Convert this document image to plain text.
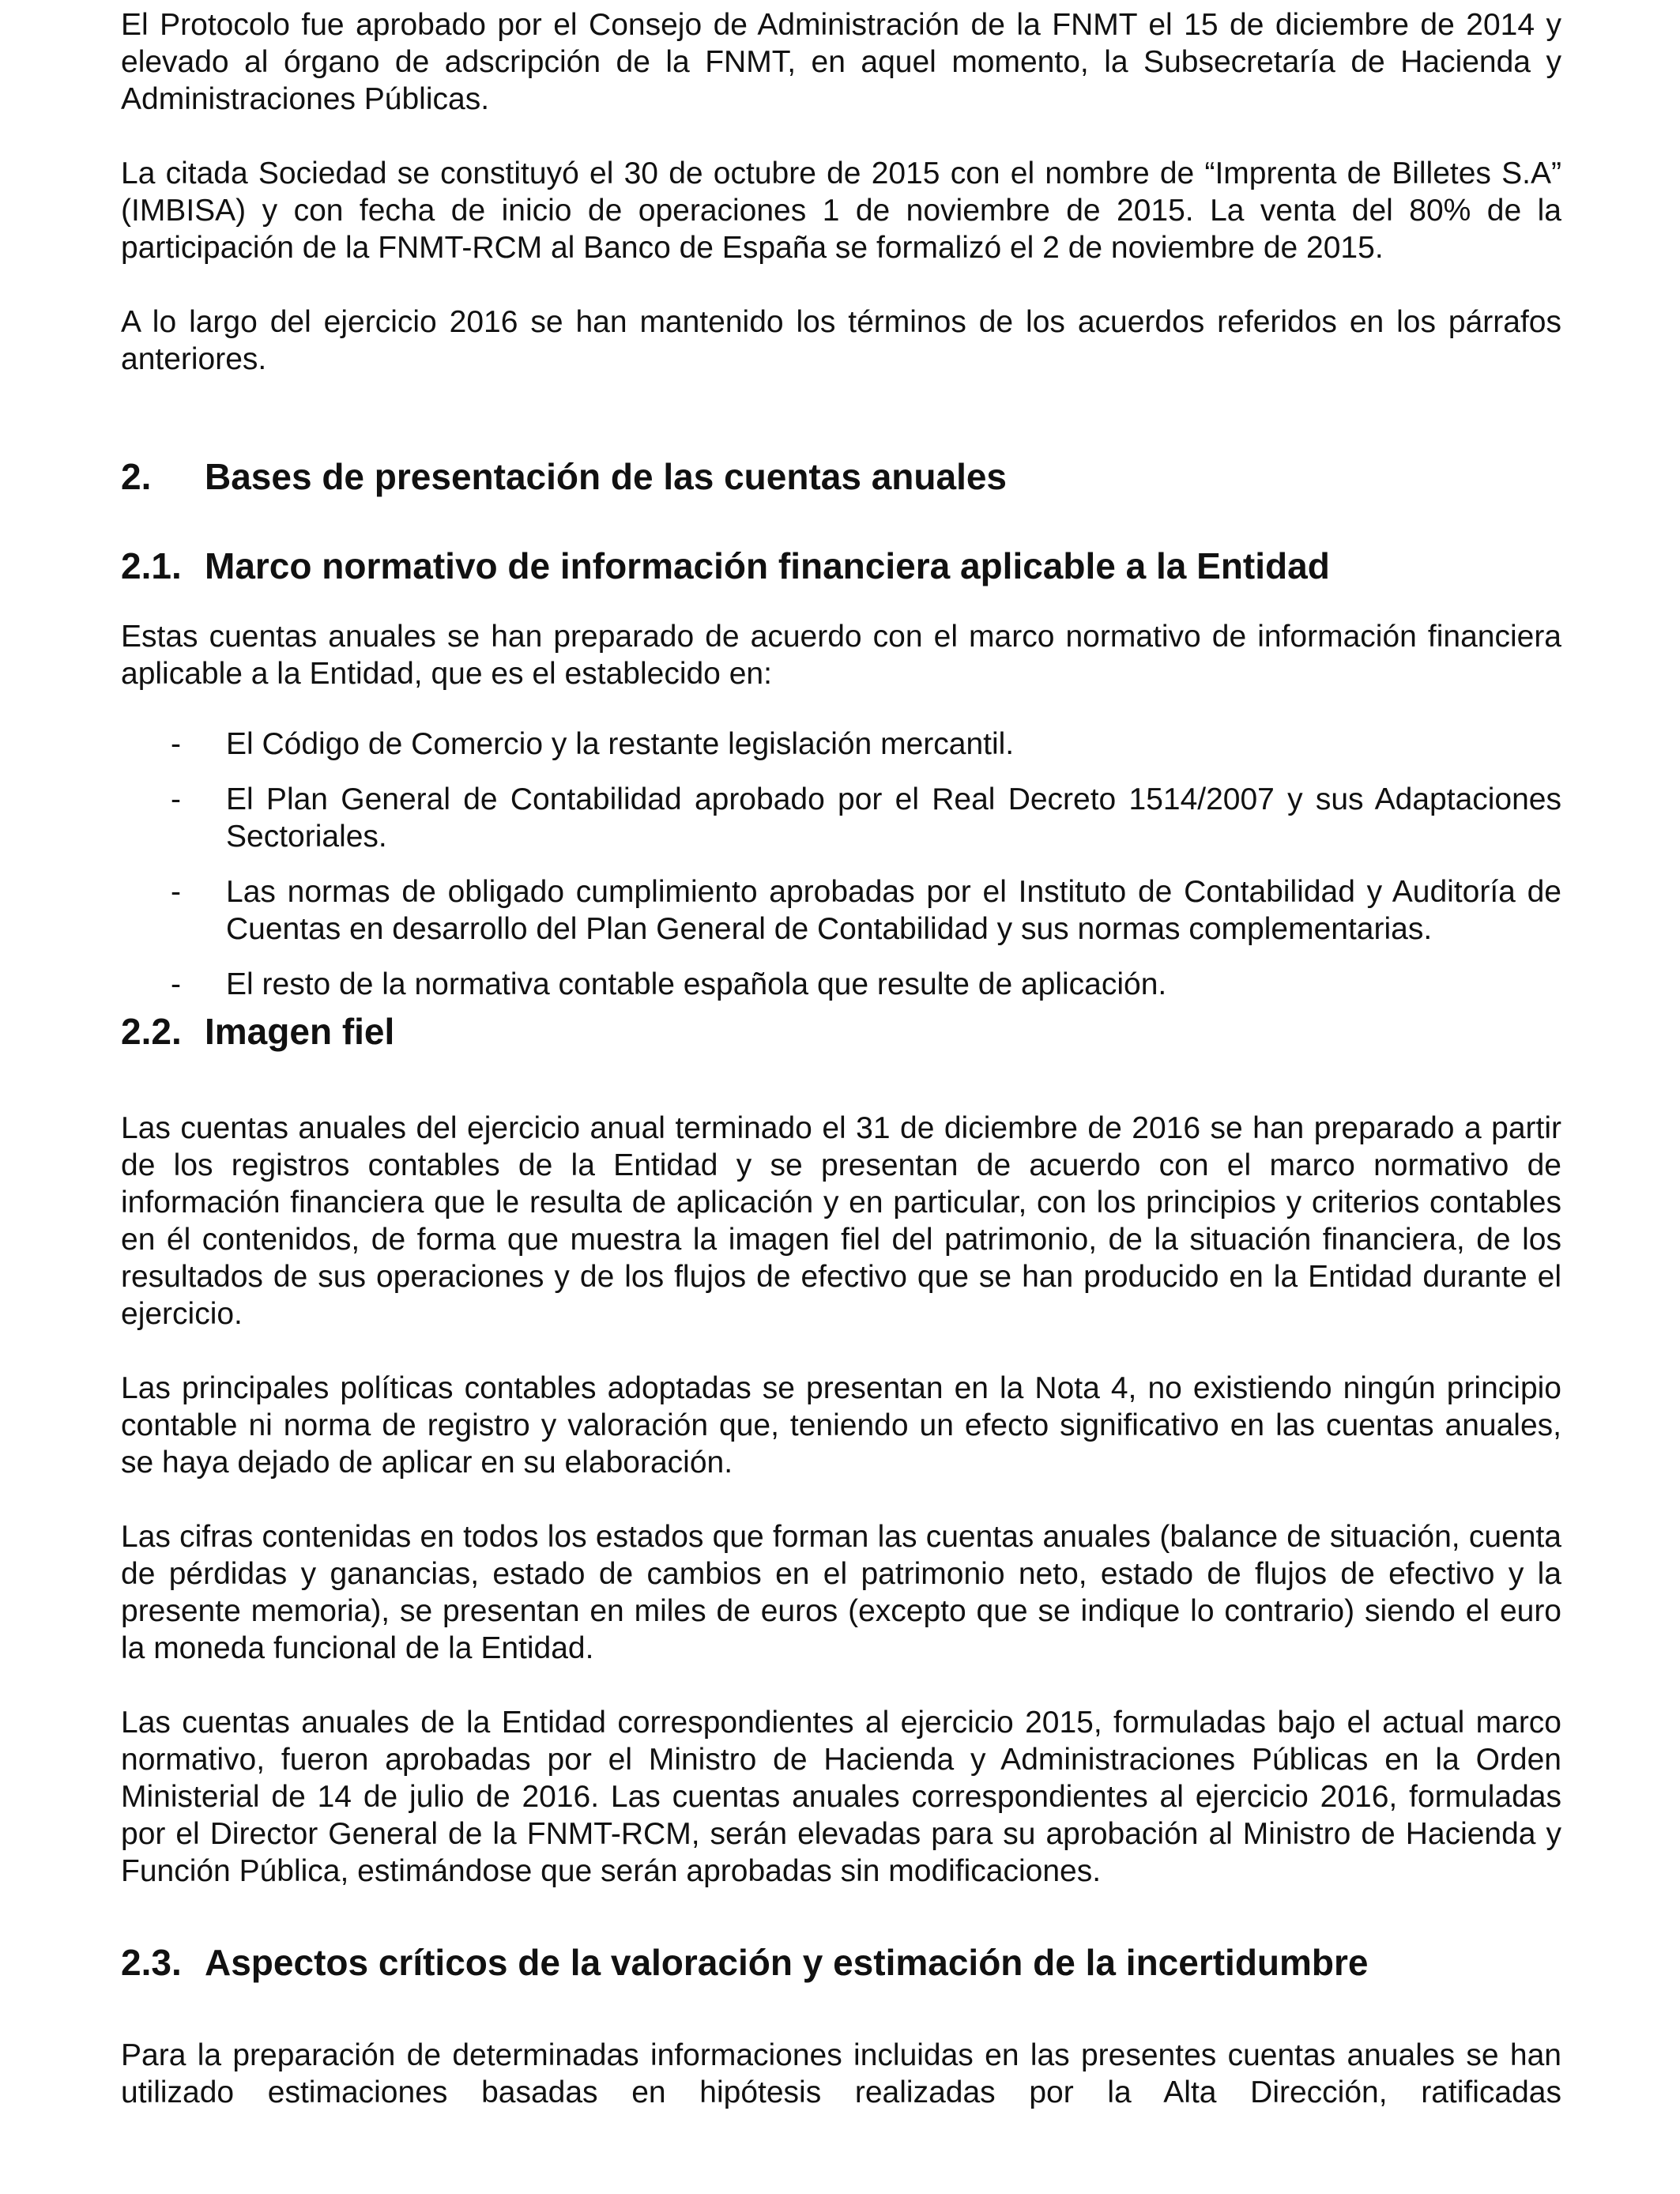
El Protocolo fue aprobado por el Consejo de Administración de la FNMT el 15 de diciembre de 2014 y elevado al órgano de adscripción de la FNMT, en aquel momento, la Subsecretaría de Hacienda y Administraciones Públicas.

La citada Sociedad se constituyó el 30 de octubre de 2015 con el nombre de “Imprenta de Billetes S.A” (IMBISA) y con fecha de inicio de operaciones 1 de noviembre de 2015. La venta del 80% de la participación de la FNMT-RCM al Banco de España se formalizó el 2 de noviembre de 2015.

A lo largo del ejercicio 2016 se han mantenido los términos de los acuerdos referidos en los párrafos anteriores.

2.	Bases de presentación de las cuentas anuales
2.1. Marco normativo de información financiera aplicable a la Entidad

Estas cuentas anuales se han preparado de acuerdo con el marco normativo de información financiera aplicable a la Entidad, que es el establecido en:

-	El Código de Comercio y la restante legislación mercantil.
-	El Plan General de Contabilidad aprobado por el Real Decreto 1514/2007 y sus Adaptaciones Sectoriales.
-	Las normas de obligado cumplimiento aprobadas por el Instituto de Contabilidad y Auditoría de Cuentas en desarrollo del Plan General de Contabilidad y sus normas complementarias.
-	El resto de la normativa contable española que resulte de aplicación.
2.2. Imagen fiel

Las cuentas anuales del ejercicio anual terminado el 31 de diciembre de 2016 se han preparado a partir de los registros contables de la Entidad y se presentan de acuerdo con el marco normativo de información financiera que le resulta de aplicación y en particular, con los principios y criterios contables en él contenidos, de forma que muestra la imagen fiel del patrimonio, de la situación financiera, de los resultados de sus operaciones y de los flujos de efectivo que se han producido en la Entidad durante el ejercicio.

Las principales políticas contables adoptadas se presentan en la Nota 4, no existiendo ningún principio contable ni norma de registro y valoración que, teniendo un efecto significativo en las cuentas anuales, se haya dejado de aplicar en su elaboración.

Las cifras contenidas en todos los estados que forman las cuentas anuales (balance de situación, cuenta de pérdidas y ganancias, estado de cambios en el patrimonio neto, estado de flujos de efectivo y la presente memoria), se presentan en miles de euros (excepto que se indique lo contrario) siendo el euro la moneda funcional de la Entidad.

Las cuentas anuales de la Entidad correspondientes al ejercicio 2015, formuladas bajo el actual marco normativo, fueron aprobadas por el Ministro de Hacienda y Administraciones Públicas en la Orden Ministerial de 14 de julio de 2016. Las cuentas anuales correspondientes al ejercicio 2016, formuladas por el Director General de la FNMT-RCM, serán elevadas para su aprobación al Ministro de Hacienda y Función Pública, estimándose que serán aprobadas sin modificaciones.

2.3. Aspectos críticos de la valoración y estimación de la incertidumbre

Para la preparación de determinadas informaciones incluidas en las presentes cuentas anuales se han utilizado estimaciones basadas en hipótesis realizadas por la Alta Dirección, ratificadas
